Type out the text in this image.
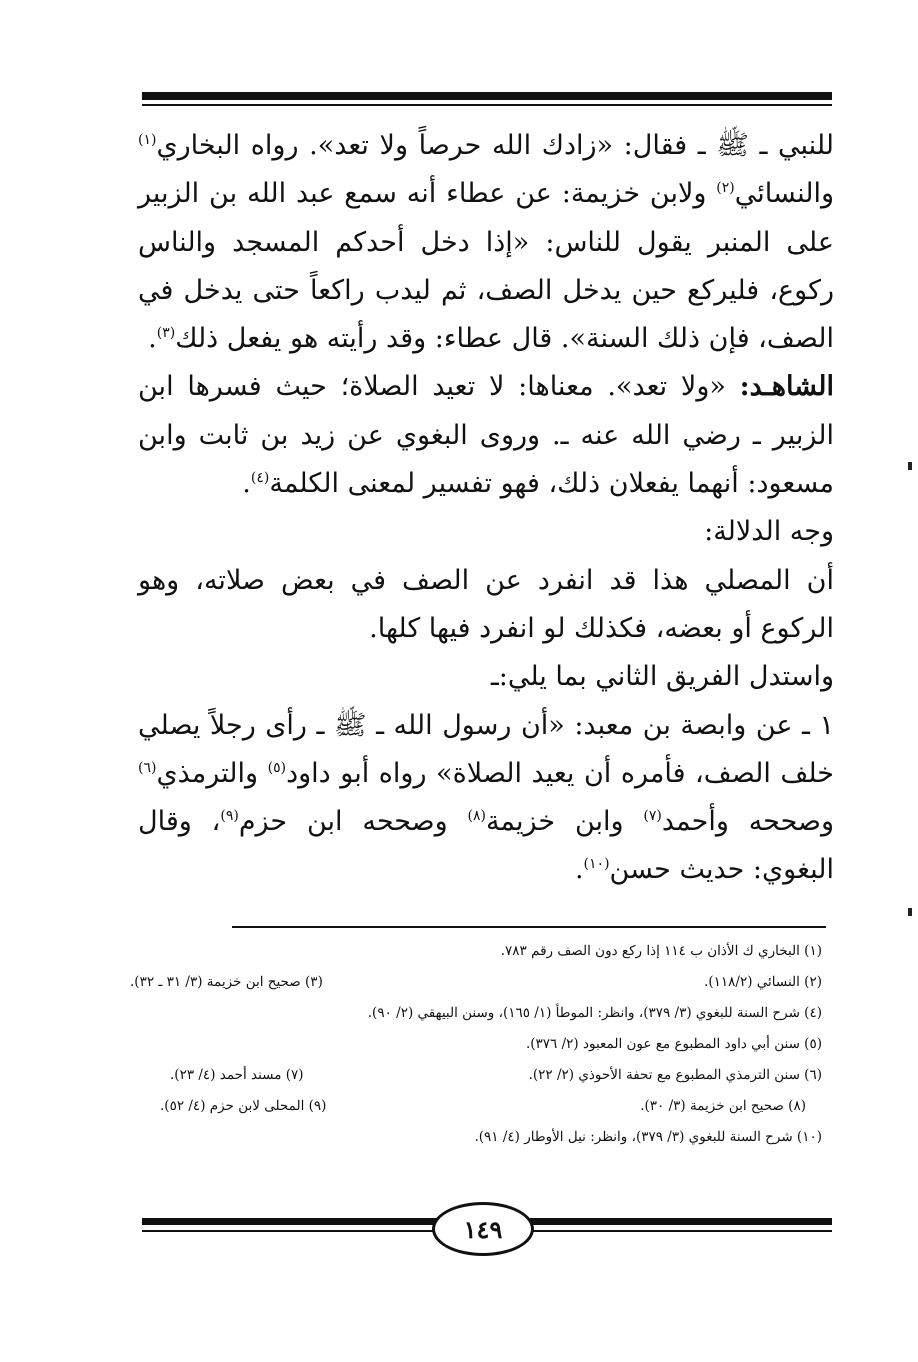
للنبي ـ ﷺ ـ فقال: «زادك الله حرصاً ولا تعد». رواه البخاري$^{(١)}$ والنسائي$^{(٢)}$ ولابن خزيمة: عن عطاء أنه سمع عبد الله بن الزبير على المنبر يقول للناس: «إذا دخل أحدكم المسجد والناس ركوع، فليركع حين يدخل الصف، ثم ليدب راكعاً حتى يدخل في الصف، فإن ذلك السنة». قال عطاء: وقد رأيته هو يفعل ذلك$^{(٣)}$.

الشاهـد: «ولا تعد». معناها: لا تعيد الصلاة؛ حيث فسرها ابن الزبير ـ رضي الله عنه ـ. وروى البغوي عن زيد بن ثابت وابن مسعود: أنهما يفعلان ذلك، فهو تفسير لمعنى الكلمة$^{(٤)}$.

وجه الدلالة:

أن المصلي هذا قد انفرد عن الصف في بعض صلاته، وهو الركوع أو بعضه، فكذلك لو انفرد فيها كلها.

واستدل الفريق الثاني بما يلي:ـ

١ ـ عن وابصة بن معبد: «أن رسول الله ـ ﷺ ـ رأى رجلاً يصلي خلف الصف، فأمره أن يعيد الصلاة» رواه أبو داود$^{(٥)}$ والترمذي$^{(٦)}$ وصححه وأحمد$^{(٧)}$ وابن خزيمة$^{(٨)}$ وصححه ابن حزم$^{(٩)}$، وقال البغوي: حديث حسن$^{(١٠)}$.

(١) البخاري ك الأذان ب ١١٤ إذا ركع دون الصف رقم ٧٨٣.
(٢) النسائي (١١٨/٢).
(٣) صحيح ابن خزيمة (٣/ ٣١ ـ ٣٢).
(٤) شرح السنة للبغوي (٣/ ٣٧٩)، وانظر: الموطأ (١/ ١٦٥)، وسنن البيهقي (٢/ ٩٠).
(٥) سنن أبي داود المطبوع مع عون المعبود (٢/ ٣٧٦).
(٦) سنن الترمذي المطبوع مع تحفة الأحوذي (٢/ ٢٢).
(٧) مسند أحمد (٤/ ٢٣).
(٨) صحيح ابن خزيمة (٣/ ٣٠).
(٩) المحلى لابن حزم (٤/ ٥٢).
(١٠) شرح السنة للبغوي (٣/ ٣٧٩)، وانظر: نيل الأوطار (٤/ ٩١).
١٤٩
